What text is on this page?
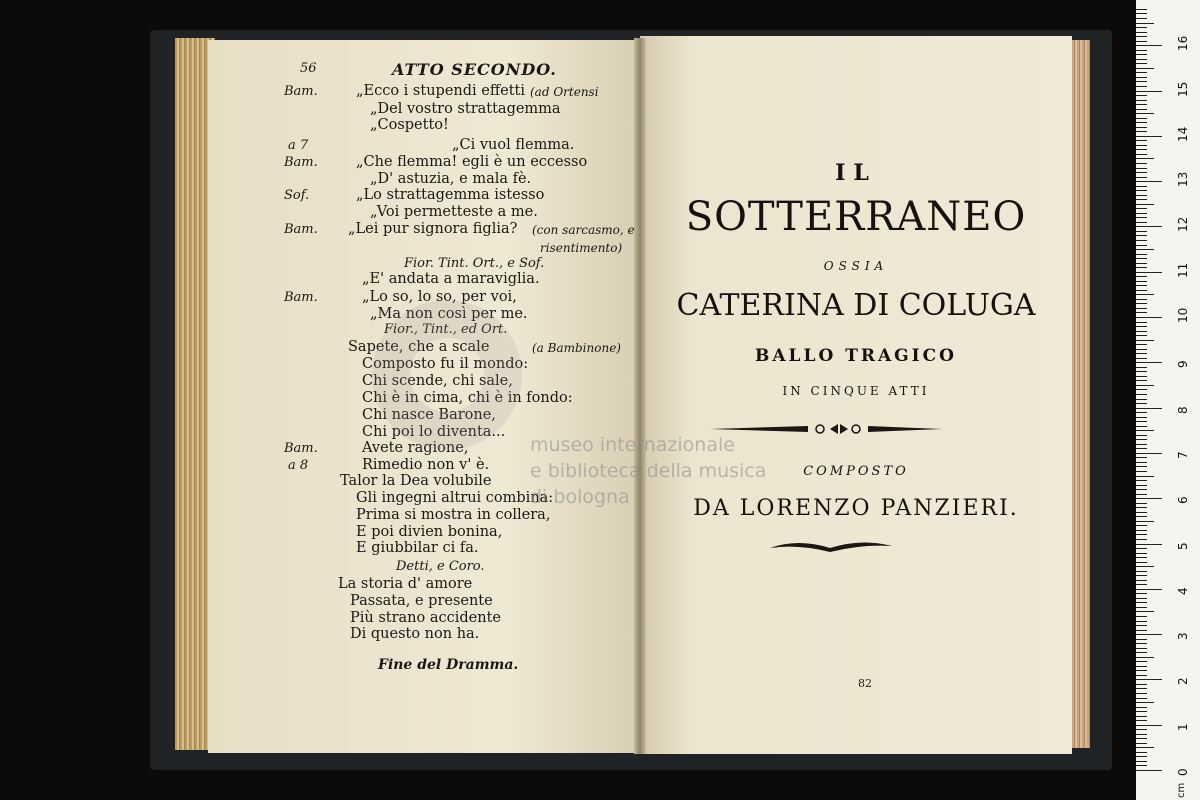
56	ATTO SECONDO.
Bam.	„Ecco i stupendi effetti (ad Ortensi
„Del vostro strattagemma
„Cospetto!
a 7	„Ci vuol flemma.
Bam.	„Che flemma! egli è un eccesso
„D' astuzia, e mala fè.
Sof.	„Lo strattagemma istesso
„Voi permetteste a me.
Bam. „Lei pur signora figlia? (con sarcasmo, e
risentimento)
Fior. Tint. Ort., e Sof.
„E' andata a maraviglia.
Bam.	„Lo so, lo so, per voi,
„Ma non così per me.
Fior., Tint., ed Ort.
Sapete, che a scale	(a Bambinone)
Composto fu il mondo:
Chi scende, chi sale,
Chi è in cima, chi è in fondo:
Chi nasce Barone,
Chi poi lo diventa...
Bam.	Avete ragione,
a 8	Rimedio non v' è.
Talor la Dea volubile
Gli ingegni altrui combina:
Prima si mostra in collera,
E poi divien bonina,
E giubbilar ci fa.
Detti, e Coro.
La storia d' amore
Passata, e presente
Più strano accidente
Di questo non ha.
Fine del Dramma.
IL
SOTTERRANEO
OSSIA
CATERINA DI COLUGA
BALLO TRAGICO
IN CINQUE ATTI
COMPOSTO
DA LORENZO PANZIERI.
82
museo internazionale
e biblioteca della musica
di bologna
0
1
2
3
4
5
6
7
8
9
10
11
12
13
14
15
16
cm
